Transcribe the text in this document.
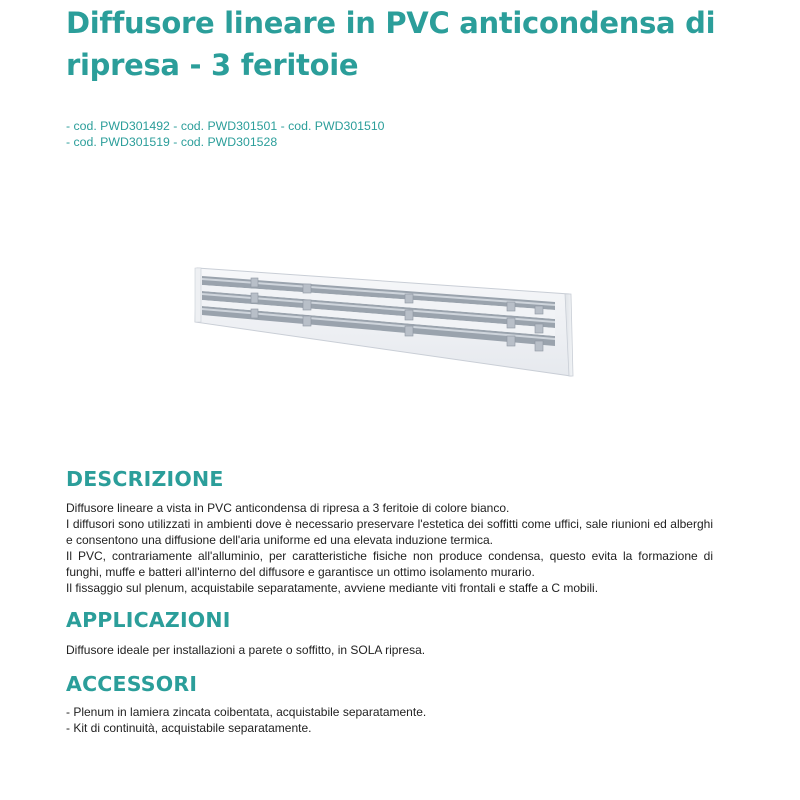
Diffusore lineare in PVC anticondensa di ripresa - 3 feritoie
- cod. PWD301492 - cod. PWD301501 - cod. PWD301510
- cod. PWD301519 - cod. PWD301528
DESCRIZIONE

Diffusore lineare a vista in PVC anticondensa di ripresa a 3 feritoie di colore bianco.

I diffusori sono utilizzati in ambienti dove è necessario preservare l'estetica dei soffitti come uffici, sale riunioni ed alberghi e consentono una diffusione dell'aria uniforme ed una elevata induzione termica.

Il PVC, contrariamente all'alluminio, per caratteristiche fisiche non produce condensa, questo evita la formazione di funghi, muffe e batteri all'interno del diffusore e garantisce un ottimo isolamento murario.

Il fissaggio sul plenum, acquistabile separatamente, avviene mediante viti frontali e staffe a C mobili.

APPLICAZIONI

Diffusore ideale per installazioni a parete o soffitto, in SOLA ripresa.

ACCESSORI

- Plenum in lamiera zincata coibentata, acquistabile separatamente.

- Kit di continuità, acquistabile separatamente.
